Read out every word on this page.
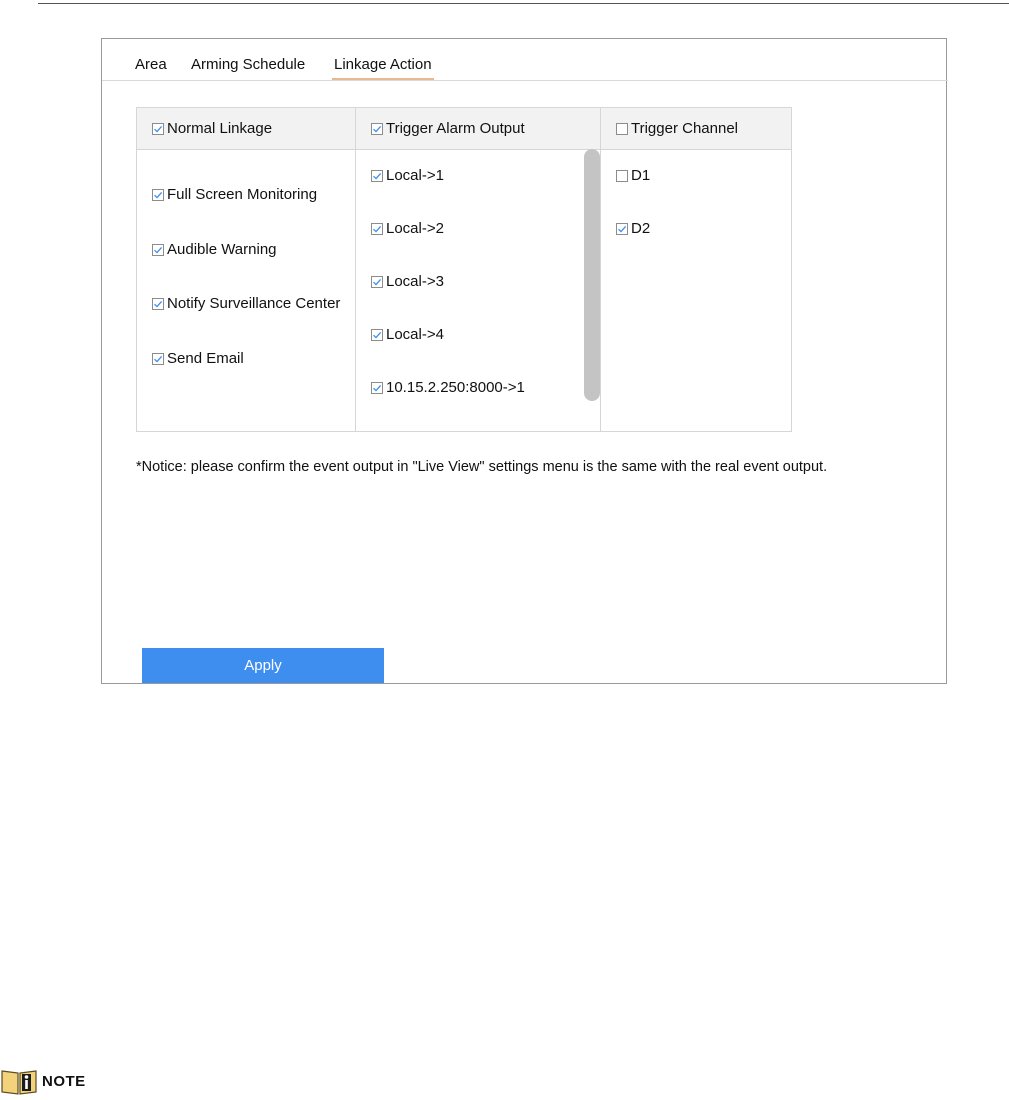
Area Arming Schedule Linkage Action
Normal Linkage	Trigger Alarm Output	Trigger Channel
Full Screen Monitoring
Audible Warning
Notify Surveillance Center
Send Email
Local->1
Local->2
Local->3
Local->4
10.15.2.250:8000->1
D1
D2
*Notice: please confirm the event output in "Live View" settings menu is the same with the real event output.
Apply
NOTE
